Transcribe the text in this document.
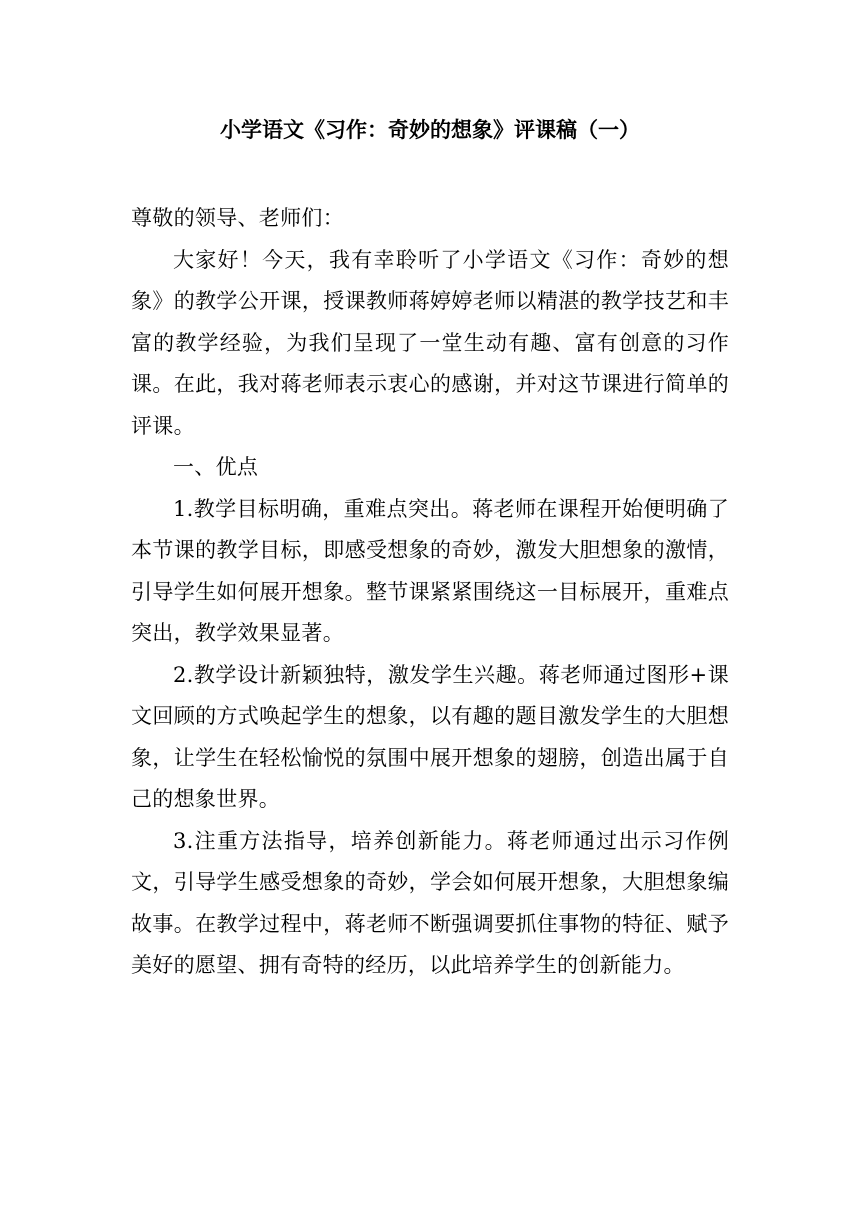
小学语文《习作：奇妙的想象》评课稿（一）

尊敬的领导、老师们：

大家好！今天，我有幸聆听了小学语文《习作：奇妙的想象》的教学公开课，授课教师蒋婷婷老师以精湛的教学技艺和丰富的教学经验，为我们呈现了一堂生动有趣、富有创意的习作课。在此，我对蒋老师表示衷心的感谢，并对这节课进行简单的评课。

一、优点

1.教学目标明确，重难点突出。蒋老师在课程开始便明确了本节课的教学目标，即感受想象的奇妙，激发大胆想象的激情，引导学生如何展开想象。整节课紧紧围绕这一目标展开，重难点突出，教学效果显著。

2.教学设计新颖独特，激发学生兴趣。蒋老师通过图形+课文回顾的方式唤起学生的想象，以有趣的题目激发学生的大胆想象，让学生在轻松愉悦的氛围中展开想象的翅膀，创造出属于自己的想象世界。

3.注重方法指导，培养创新能力。蒋老师通过出示习作例文，引导学生感受想象的奇妙，学会如何展开想象，大胆想象编故事。在教学过程中，蒋老师不断强调要抓住事物的特征、赋予美好的愿望、拥有奇特的经历，以此培养学生的创新能力。
